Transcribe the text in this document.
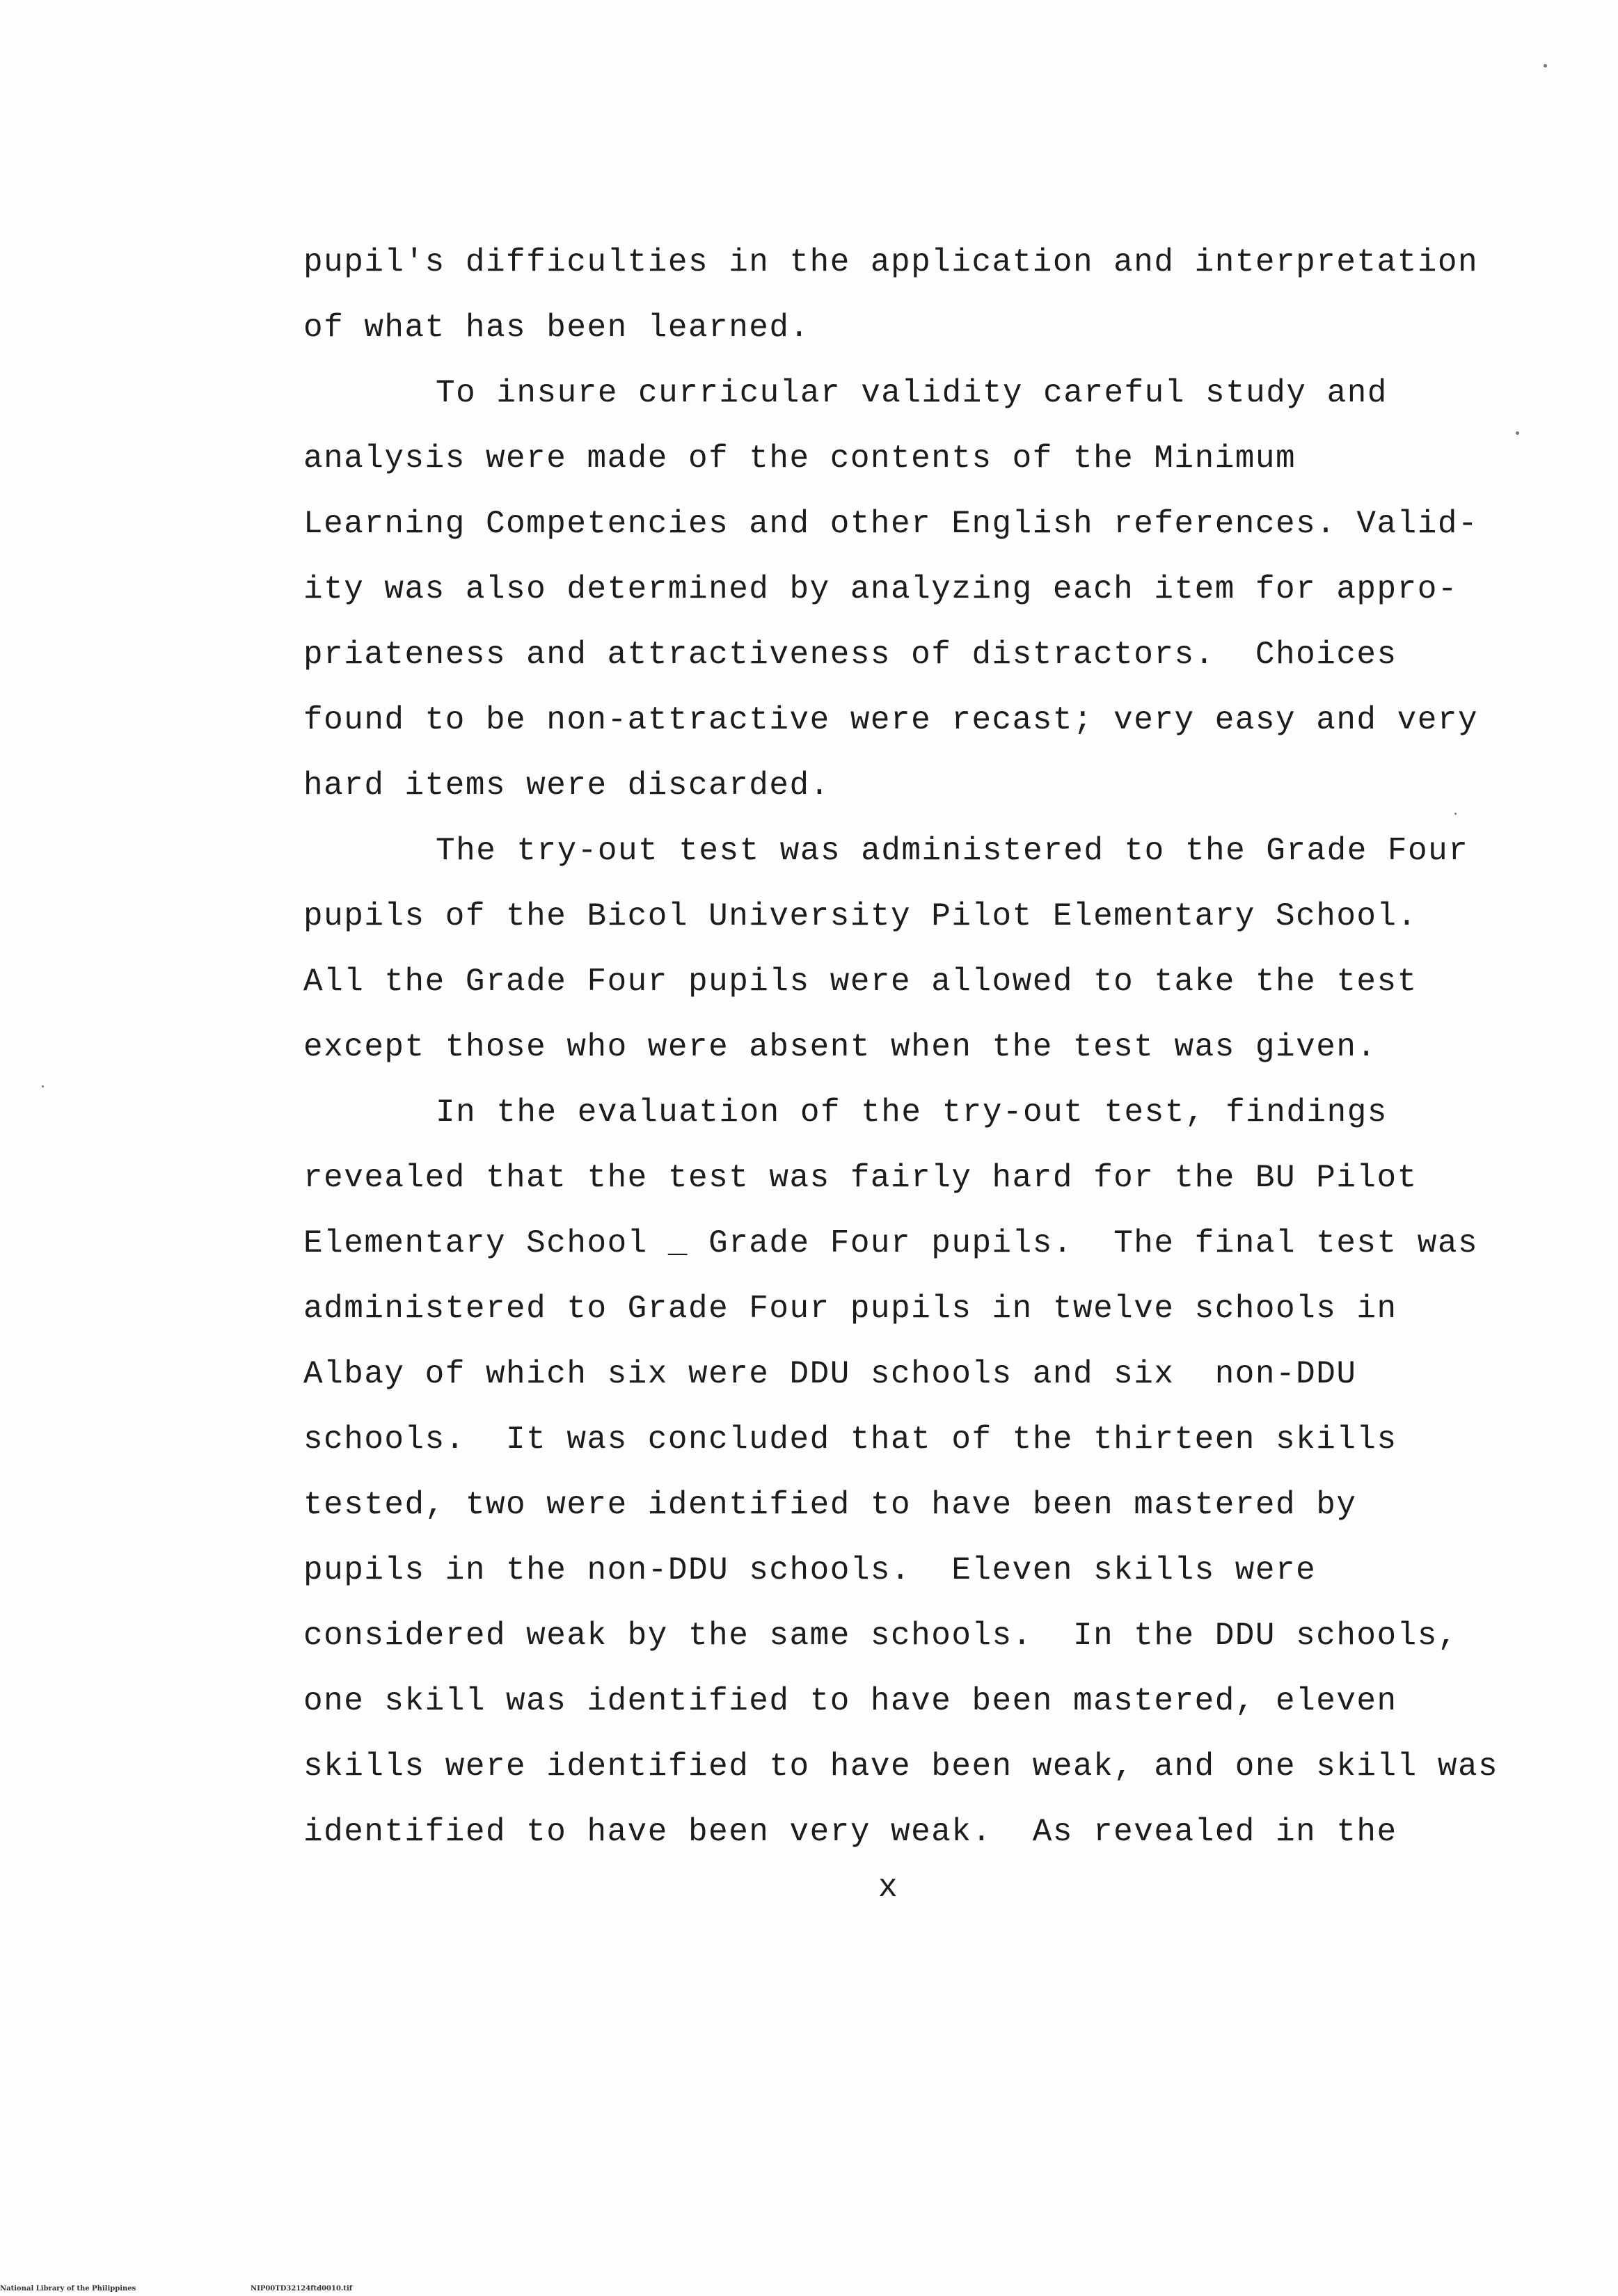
pupil's difficulties in the application and interpretation
of what has been learned.
To insure curricular validity careful study and
analysis were made of the contents of the Minimum
Learning Competencies and other English references. Valid-
ity was also determined by analyzing each item for appro-
priateness and attractiveness of distractors.  Choices
found to be non-attractive were recast; very easy and very
hard items were discarded.
The try-out test was administered to the Grade Four
pupils of the Bicol University Pilot Elementary School.
All the Grade Four pupils were allowed to take the test
except those who were absent when the test was given.
In the evaluation of the try-out test, findings
revealed that the test was fairly hard for the BU Pilot
Elementary School _ Grade Four pupils.  The final test was
administered to Grade Four pupils in twelve schools in
Albay of which six were DDU schools and six  non-DDU
schools.  It was concluded that of the thirteen skills
tested, two were identified to have been mastered by
pupils in the non-DDU schools.  Eleven skills were
considered weak by the same schools.  In the DDU schools,
one skill was identified to have been mastered, eleven
skills were identified to have been weak, and one skill was
identified to have been very weak.  As revealed in the
x
National Library of the Philippines	NIP00TD32124ftd0010.tif
